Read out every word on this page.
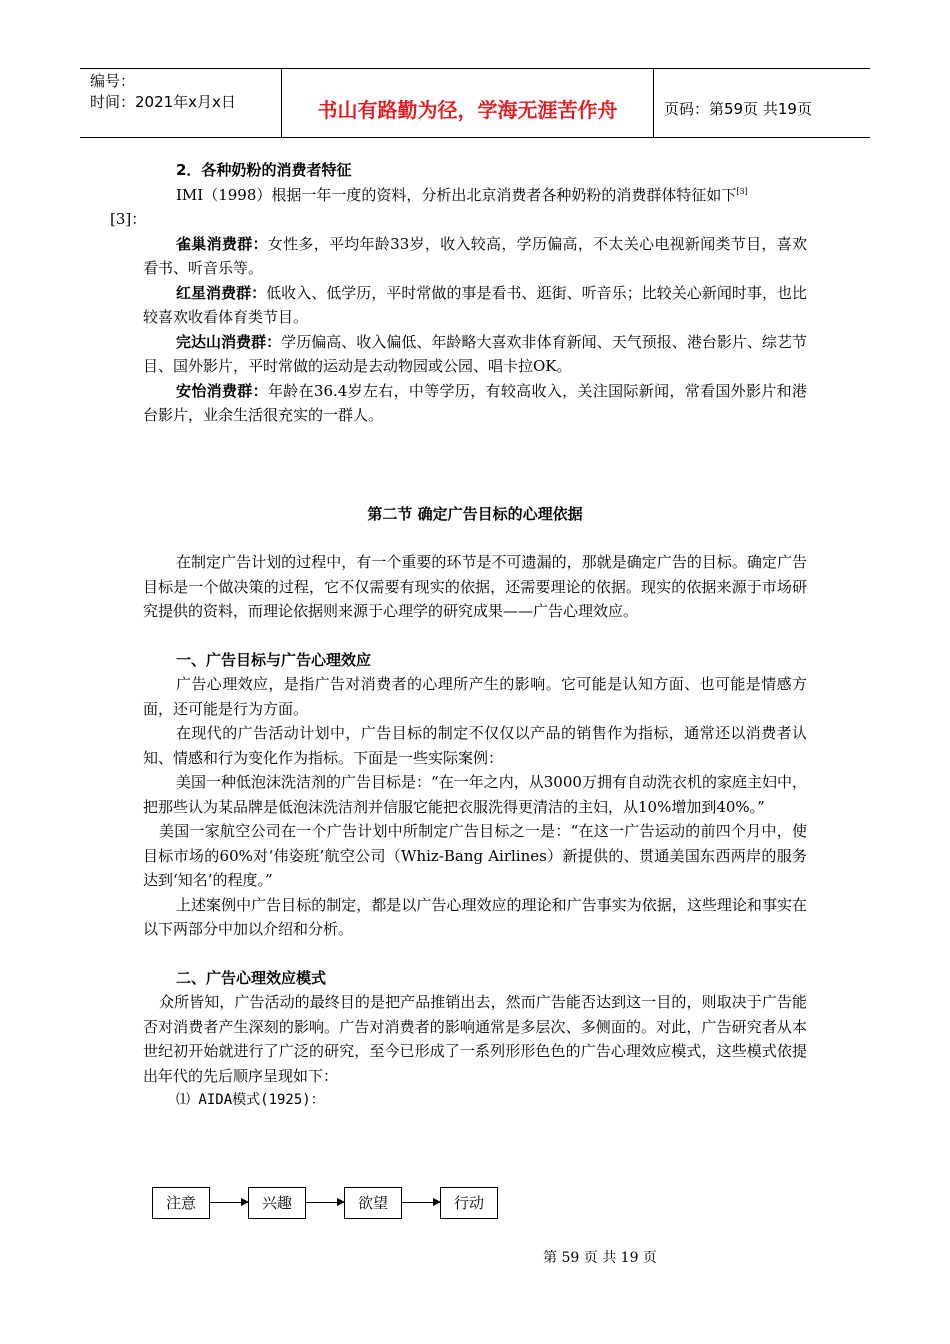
编号：
时间：2021年x月x日	书山有路勤为径，学海无涯苦作舟	页码：第59页 共19页

2．各种奶粉的消费者特征

IMI（1998）根据一年一度的资料，分析出北京消费者各种奶粉的消费群体特征如下[3]
[3]：

雀巢消费群：女性多，平均年龄33岁，收入较高，学历偏高，不太关心电视新闻类节目，喜欢看书、听音乐等。

红星消费群：低收入、低学历，平时常做的事是看书、逛街、听音乐；比较关心新闻时事，也比较喜欢收看体育类节目。

完达山消费群：学历偏高、收入偏低、年龄略大喜欢非体育新闻、天气预报、港台影片、综艺节目、国外影片，平时常做的运动是去动物园或公园、唱卡拉OK。

安怡消费群：年龄在36.4岁左右，中等学历，有较高收入，关注国际新闻，常看国外影片和港台影片，业余生活很充实的一群人。

第二节 确定广告目标的心理依据

在制定广告计划的过程中，有一个重要的环节是不可遗漏的，那就是确定广告的目标。确定广告目标是一个做决策的过程，它不仅需要有现实的依据，还需要理论的依据。现实的依据来源于市场研究提供的资料，而理论依据则来源于心理学的研究成果——广告心理效应。

一、广告目标与广告心理效应

广告心理效应，是指广告对消费者的心理所产生的影响。它可能是认知方面、也可能是情感方面，还可能是行为方面。

在现代的广告活动计划中，广告目标的制定不仅仅以产品的销售作为指标，通常还以消费者认知、情感和行为变化作为指标。下面是一些实际案例：

美国一种低泡沫洗洁剂的广告目标是：“在一年之内，从3000万拥有自动洗衣机的家庭主妇中，把那些认为某品牌是低泡沫洗洁剂并信服它能把衣服洗得更清洁的主妇，从10%增加到40%。”

美国一家航空公司在一个广告计划中所制定广告目标之一是：“在这一广告运动的前四个月中，使目标市场的60%对‘伟姿班’航空公司（Whiz-Bang Airlines）新提供的、贯通美国东西两岸的服务达到‘知名’的程度。”

上述案例中广告目标的制定，都是以广告心理效应的理论和广告事实为依据，这些理论和事实在以下两部分中加以介绍和分析。

二、广告心理效应模式

众所皆知，广告活动的最终目的是把产品推销出去，然而广告能否达到这一目的，则取决于广告能否对消费者产生深刻的影响。广告对消费者的影响通常是多层次、多侧面的。对此，广告研究者从本世纪初开始就进行了广泛的研究，至今已形成了一系列形形色色的广告心理效应模式，这些模式依提出年代的先后顺序呈现如下：

⑴ AIDA模式(1925)：

注意	兴趣	欲望	行动
第 59 页 共 19 页
